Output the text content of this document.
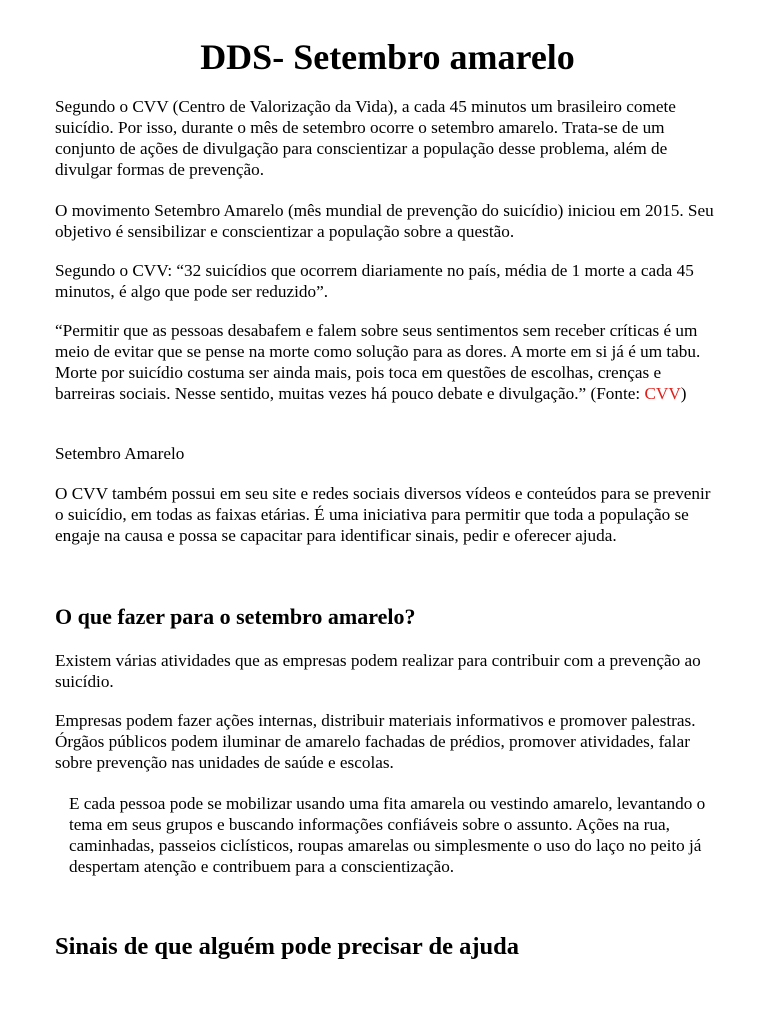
DDS- Setembro amarelo

Segundo o CVV (Centro de Valorização da Vida), a cada 45 minutos um brasileiro comete suicídio. Por isso, durante o mês de setembro ocorre o setembro amarelo. Trata-se de um conjunto de ações de divulgação para conscientizar a população desse problema, além de divulgar formas de prevenção.

O movimento Setembro Amarelo (mês mundial de prevenção do suicídio) iniciou em 2015. Seu objetivo é sensibilizar e conscientizar a população sobre a questão.

Segundo o CVV: “32 suicídios que ocorrem diariamente no país, média de 1 morte a cada 45 minutos, é algo que pode ser reduzido”.

“Permitir que as pessoas desabafem e falem sobre seus sentimentos sem receber críticas é um meio de evitar que se pense na morte como solução para as dores. A morte em si já é um tabu. Morte por suicídio costuma ser ainda mais, pois toca em questões de escolhas, crenças e barreiras sociais. Nesse sentido, muitas vezes há pouco debate e divulgação.” (Fonte: CVV)

Setembro Amarelo

O CVV também possui em seu site e redes sociais diversos vídeos e conteúdos para se prevenir o suicídio, em todas as faixas etárias. É uma iniciativa para permitir que toda a população se engaje na causa e possa se capacitar para identificar sinais, pedir e oferecer ajuda.

O que fazer para o setembro amarelo?

Existem várias atividades que as empresas podem realizar para contribuir com a prevenção ao suicídio.

Empresas podem fazer ações internas, distribuir materiais informativos e promover palestras. Órgãos públicos podem iluminar de amarelo fachadas de prédios, promover atividades, falar sobre prevenção nas unidades de saúde e escolas.

E cada pessoa pode se mobilizar usando uma fita amarela ou vestindo amarelo, levantando o tema em seus grupos e buscando informações confiáveis sobre o assunto. Ações na rua, caminhadas, passeios ciclísticos, roupas amarelas ou simplesmente o uso do laço no peito já despertam atenção e contribuem para a conscientização.

Sinais de que alguém pode precisar de ajuda
